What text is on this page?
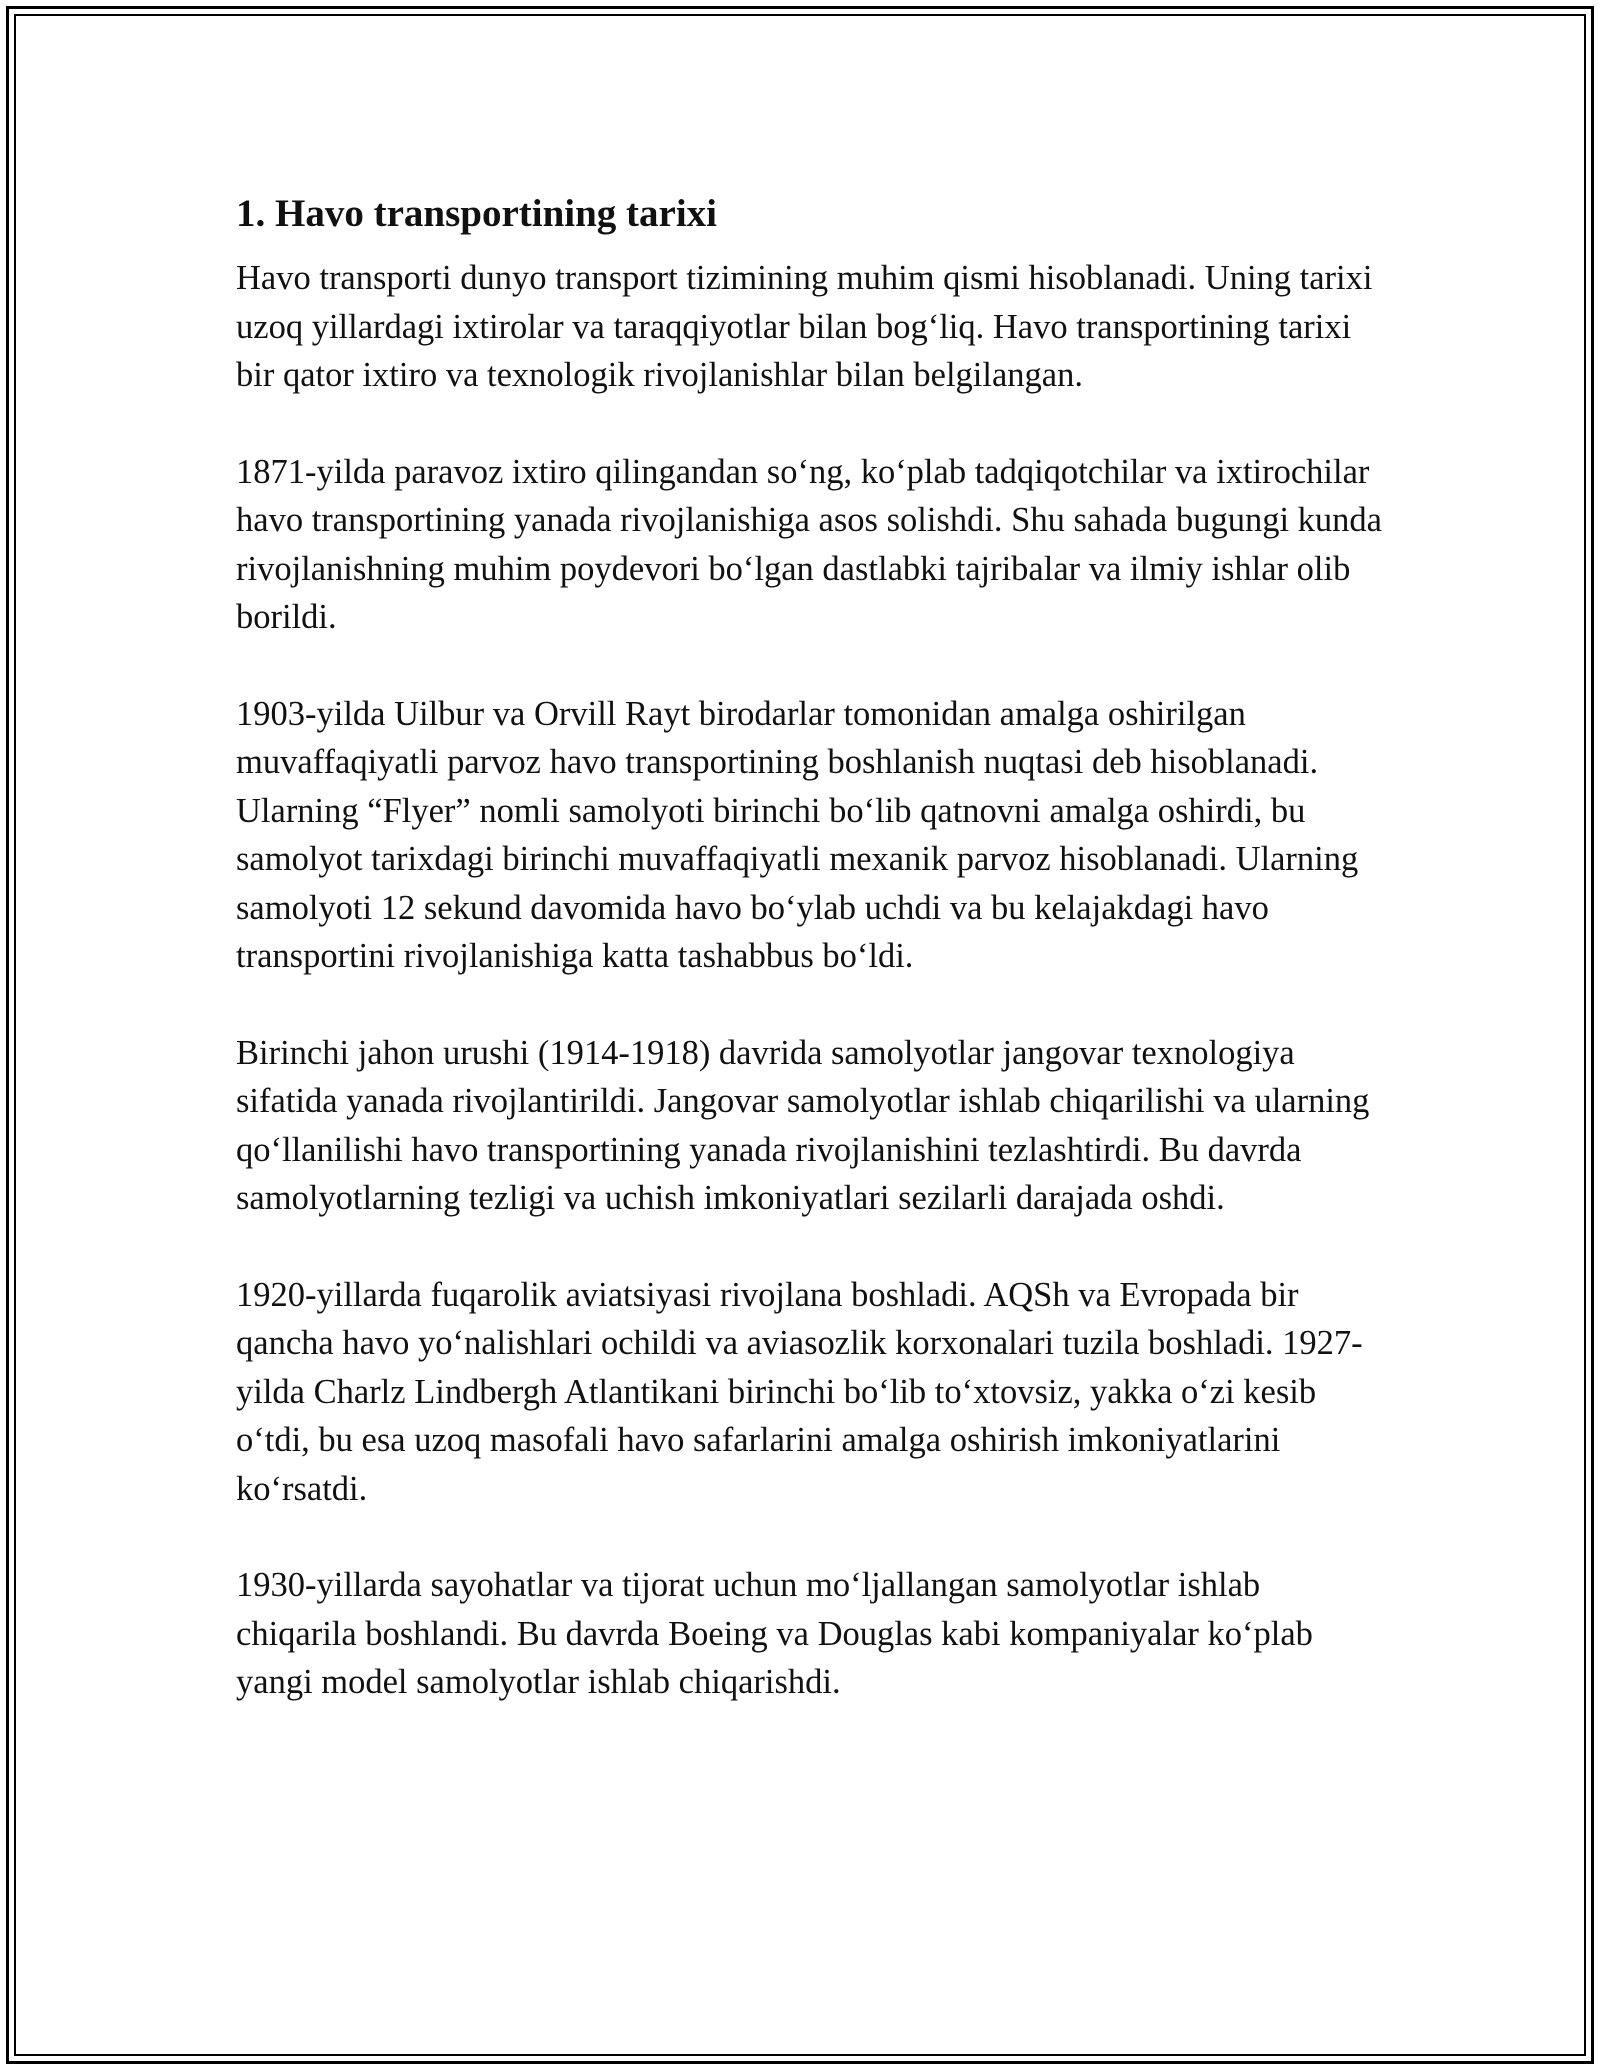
1. Havo transportining tarixi

Havo transporti dunyo transport tizimining muhim qismi hisoblanadi. Uning tarixi uzoq yillardagi ixtirolar va taraqqiyotlar bilan bog‘liq. Havo transportining tarixi bir qator ixtiro va texnologik rivojlanishlar bilan belgilangan.

1871-yilda paravoz ixtiro qilingandan so‘ng, ko‘plab tadqiqotchilar va ixtirochilar havo transportining yanada rivojlanishiga asos solishdi. Shu sahada bugungi kunda rivojlanishning muhim poydevori bo‘lgan dastlabki tajribalar va ilmiy ishlar olib borildi.

1903-yilda Uilbur va Orvill Rayt birodarlar tomonidan amalga oshirilgan muvaffaqiyatli parvoz havo transportining boshlanish nuqtasi deb hisoblanadi. Ularning “Flyer” nomli samolyoti birinchi bo‘lib qatnovni amalga oshirdi, bu samolyot tarixdagi birinchi muvaffaqiyatli mexanik parvoz hisoblanadi. Ularning samolyoti 12 sekund davomida havo bo‘ylab uchdi va bu kelajakdagi havo transportini rivojlanishiga katta tashabbus bo‘ldi.

Birinchi jahon urushi (1914-1918) davrida samolyotlar jangovar texnologiya sifatida yanada rivojlantirildi. Jangovar samolyotlar ishlab chiqarilishi va ularning qo‘llanilishi havo transportining yanada rivojlanishini tezlashtirdi. Bu davrda samolyotlarning tezligi va uchish imkoniyatlari sezilarli darajada oshdi.

1920-yillarda fuqarolik aviatsiyasi rivojlana boshladi. AQSh va Evropada bir qancha havo yo‘nalishlari ochildi va aviasozlik korxonalari tuzila boshladi. 1927-yilda Charlz Lindbergh Atlantikani birinchi bo‘lib to‘xtovsiz, yakka o‘zi kesib o‘tdi, bu esa uzoq masofali havo safarlarini amalga oshirish imkoniyatlarini ko‘rsatdi.

1930-yillarda sayohatlar va tijorat uchun mo‘ljallangan samolyotlar ishlab chiqarila boshlandi. Bu davrda Boeing va Douglas kabi kompaniyalar ko‘plab yangi model samolyotlar ishlab chiqarishdi.
